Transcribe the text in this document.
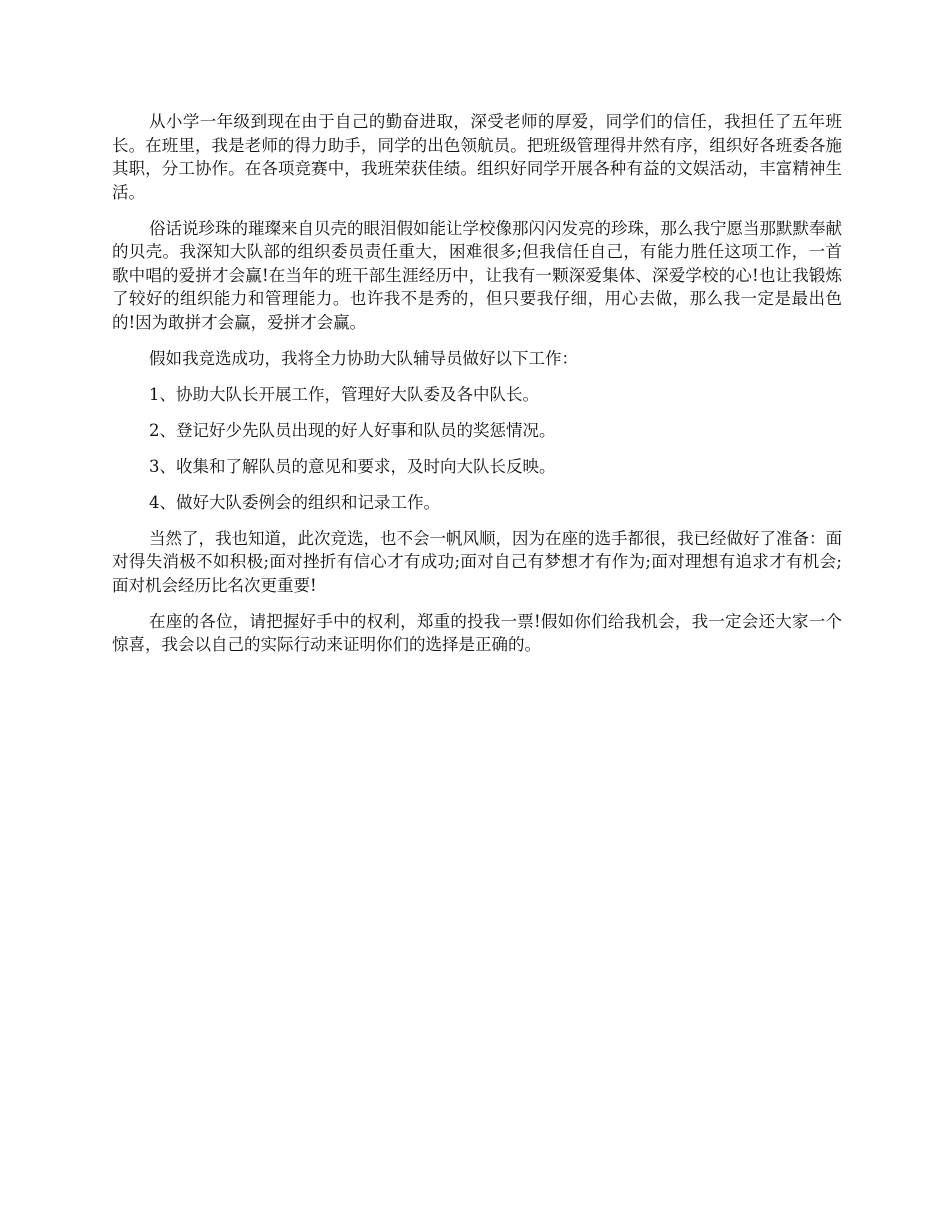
从小学一年级到现在由于自己的勤奋进取，深受老师的厚爱，同学们的信任，我担任了五年班长。在班里，我是老师的得力助手，同学的出色领航员。把班级管理得井然有序，组织好各班委各施其职，分工协作。在各项竞赛中，我班荣获佳绩。组织好同学开展各种有益的文娱活动，丰富精神生活。

俗话说珍珠的璀璨来自贝壳的眼泪假如能让学校像那闪闪发亮的珍珠，那么我宁愿当那默默奉献的贝壳。我深知大队部的组织委员责任重大，困难很多;但我信任自己，有能力胜任这项工作，一首歌中唱的爱拼才会赢!在当年的班干部生涯经历中，让我有一颗深爱集体、深爱学校的心!也让我锻炼了较好的组织能力和管理能力。也许我不是秀的，但只要我仔细，用心去做，那么我一定是最出色的!因为敢拼才会赢，爱拼才会赢。

假如我竞选成功，我将全力协助大队辅导员做好以下工作：

1、协助大队长开展工作，管理好大队委及各中队长。

2、登记好少先队员出现的好人好事和队员的奖惩情况。

3、收集和了解队员的意见和要求，及时向大队长反映。

4、做好大队委例会的组织和记录工作。

当然了，我也知道，此次竞选，也不会一帆风顺，因为在座的选手都很，我已经做好了准备：面对得失消极不如积极;面对挫折有信心才有成功;面对自己有梦想才有作为;面对理想有追求才有机会;面对机会经历比名次更重要!

在座的各位，请把握好手中的权利，郑重的投我一票!假如你们给我机会，我一定会还大家一个惊喜，我会以自己的实际行动来证明你们的选择是正确的。
